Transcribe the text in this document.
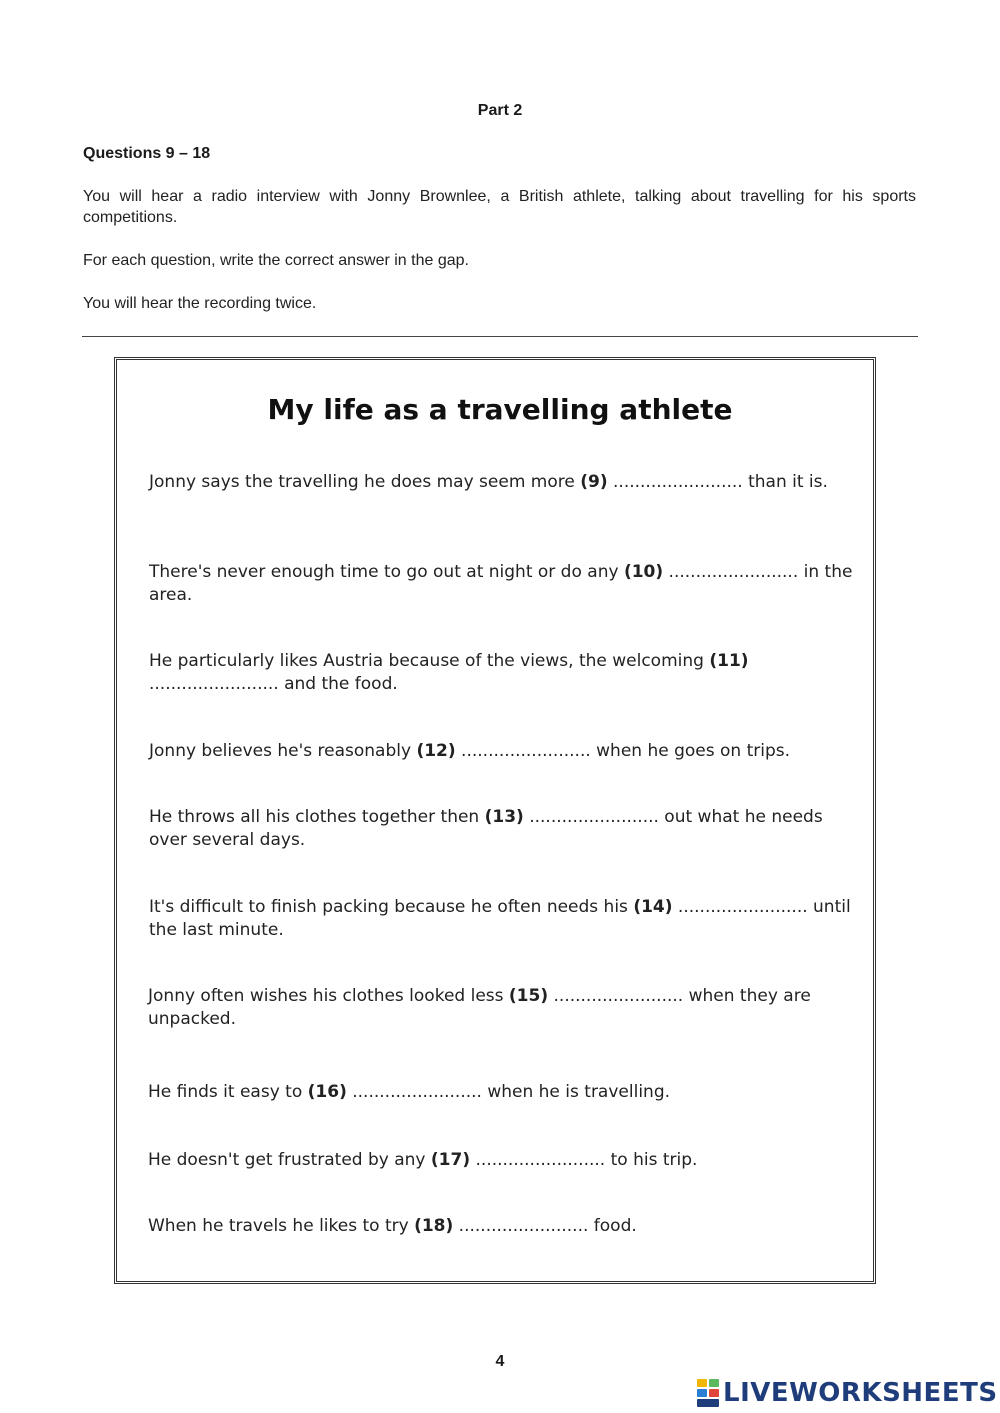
Part 2
Questions 9 – 18
You will hear a radio interview with Jonny Brownlee, a British athlete, talking about travelling for his sports competitions.
For each question, write the correct answer in the gap.
You will hear the recording twice.
My life as a travelling athlete
Jonny says the travelling he does may seem more (9) ........................ than it is.
There's never enough time to go out at night or do any (10) ........................ in the area.
He particularly likes Austria because of the views, the welcoming (11) ........................ and the food.
Jonny believes he's reasonably (12) ........................ when he goes on trips.
He throws all his clothes together then (13) ........................ out what he needs over several days.
It's difficult to finish packing because he often needs his (14) ........................ until the last minute.
Jonny often wishes his clothes looked less (15) ........................ when they are unpacked.
He finds it easy to (16) ........................ when he is travelling.
He doesn't get frustrated by any (17) ........................ to his trip.
When he travels he likes to try (18) ........................ food.
4
LIVEWORKSHEETS
